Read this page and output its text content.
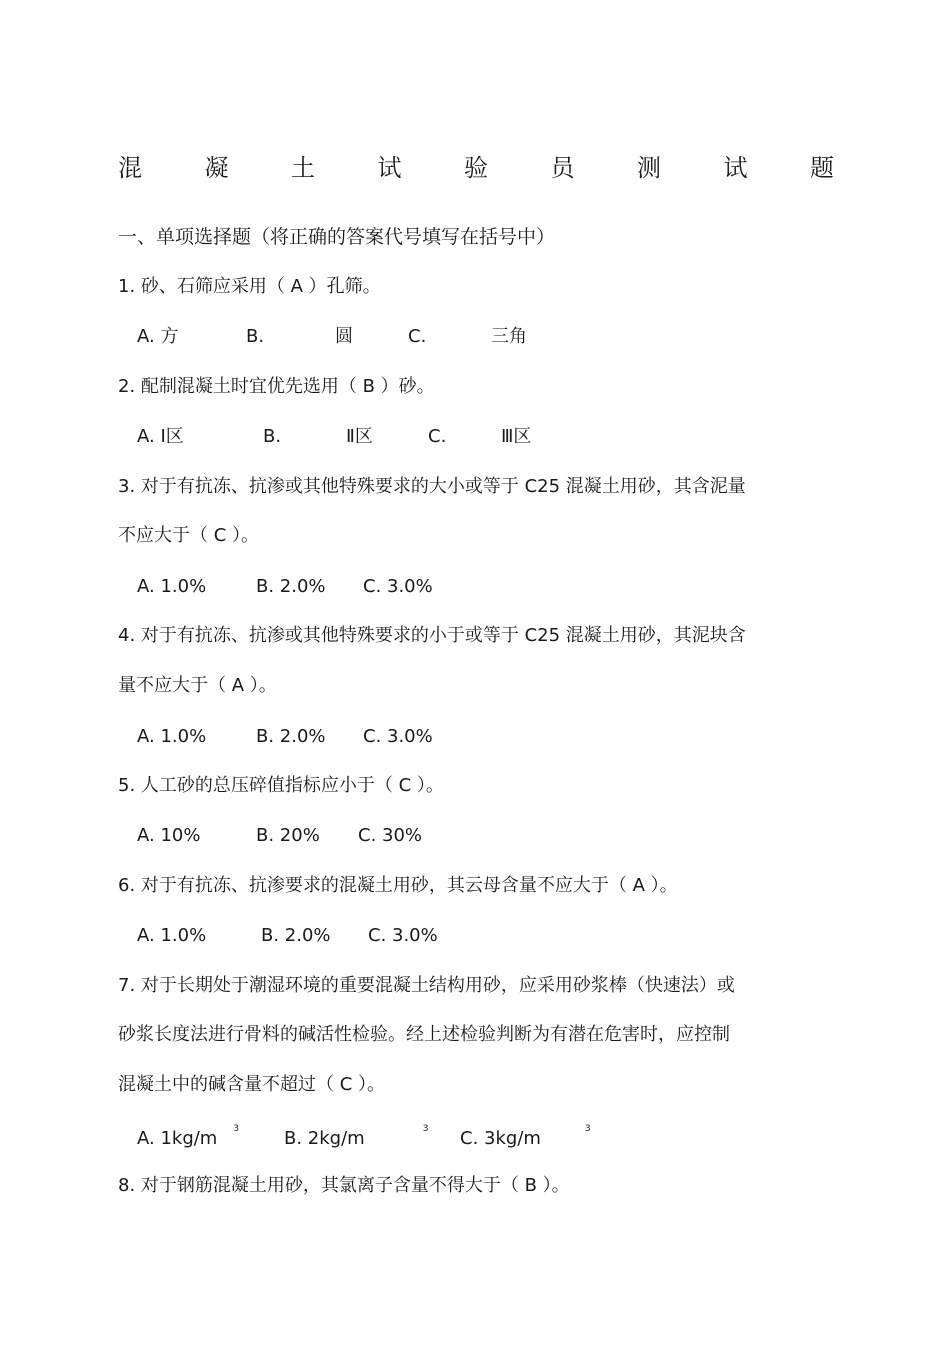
混	凝	土	试	验	员	测	试	题
一、单项选择题（将正确的答案代号填写在括号中）
1. 砂、石筛应采用（ A ）孔筛。
A. 方	B.	圆	C.	三角
2. 配制混凝土时宜优先选用（ B ）砂。
A. Ⅰ区	B.	Ⅱ区	C.	Ⅲ区
3. 对于有抗冻、抗渗或其他特殊要求的大小或等于 C25 混凝土用砂，其含泥量
不应大于（ C ）。
A. 1.0%	B. 2.0% C. 3.0%
4. 对于有抗冻、抗渗或其他特殊要求的小于或等于 C25 混凝土用砂，其泥块含
量不应大于（ A ）。
A. 1.0%	B. 2.0% C. 3.0%
5. 人工砂的总压碎值指标应小于（ C ）。
A. 10%	B. 20% C. 30%
6. 对于有抗冻、抗渗要求的混凝土用砂，其云母含量不应大于（ A ）。
A. 1.0%	B. 2.0% C. 3.0%
7. 对于长期处于潮湿环境的重要混凝土结构用砂，应采用砂浆棒（快速法）或
砂浆长度法进行骨料的碱活性检验。经上述检验判断为有潜在危害时，应控制
混凝土中的碱含量不超过（ C ）。
A. 1kg/m $^3$ B. 2kg/m	$^3$ C. 3kg/m	$^3$
8. 对于钢筋混凝土用砂，其氯离子含量不得大于（ B ）。
